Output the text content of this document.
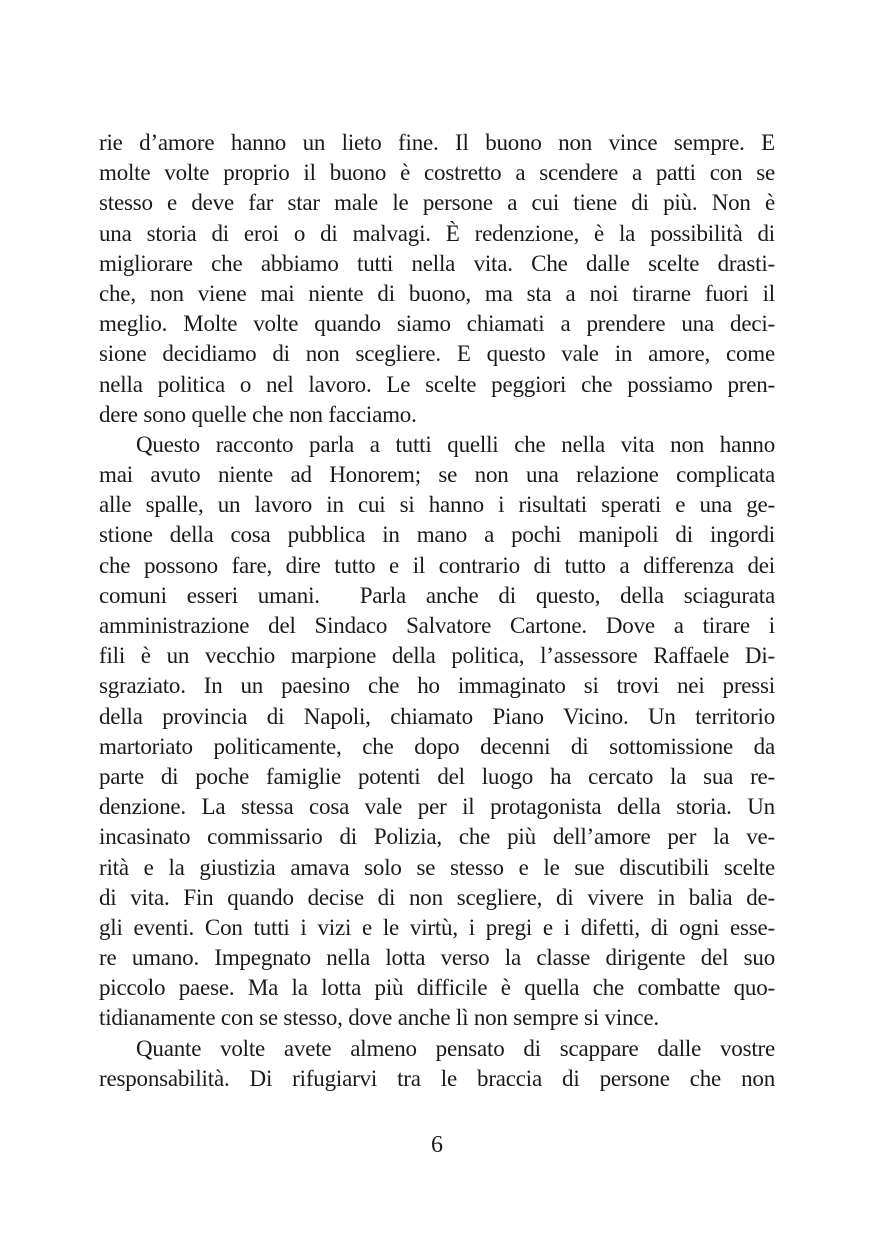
rie d’amore hanno un lieto fine. Il buono non vince sempre. E
molte volte proprio il buono è costretto a scendere a patti con se
stesso e deve far star male le persone a cui tiene di più. Non è
una storia di eroi o di malvagi. È redenzione, è la possibilità di
migliorare che abbiamo tutti nella vita. Che dalle scelte drasti-
che, non viene mai niente di buono, ma sta a noi tirarne fuori il
meglio. Molte volte quando siamo chiamati a prendere una deci-
sione decidiamo di non scegliere. E questo vale in amore, come
nella politica o nel lavoro. Le scelte peggiori che possiamo pren-
dere sono quelle che non facciamo.
Questo racconto parla a tutti quelli che nella vita non hanno
mai avuto niente ad Honorem; se non una relazione complicata
alle spalle, un lavoro in cui si hanno i risultati sperati e una ge-
stione della cosa pubblica in mano a pochi manipoli di ingordi
che possono fare, dire tutto e il contrario di tutto a differenza dei
comuni esseri umani.  Parla anche di questo, della sciagurata
amministrazione del Sindaco Salvatore Cartone. Dove a tirare i
fili è un vecchio marpione della politica, l’assessore Raffaele Di-
sgraziato. In un paesino che ho immaginato si trovi nei pressi
della provincia di Napoli, chiamato Piano Vicino. Un territorio
martoriato politicamente, che dopo decenni di sottomissione da
parte di poche famiglie potenti del luogo ha cercato la sua re-
denzione. La stessa cosa vale per il protagonista della storia. Un
incasinato commissario di Polizia, che più dell’amore per la ve-
rità e la giustizia amava solo se stesso e le sue discutibili scelte
di vita. Fin quando decise di non scegliere, di vivere in balia de-
gli eventi. Con tutti i vizi e le virtù, i pregi e i difetti, di ogni esse-
re umano. Impegnato nella lotta verso la classe dirigente del suo
piccolo paese. Ma la lotta più difficile è quella che combatte quo-
tidianamente con se stesso, dove anche lì non sempre si vince.
Quante volte avete almeno pensato di scappare dalle vostre
responsabilità. Di rifugiarvi tra le braccia di persone che non
6
